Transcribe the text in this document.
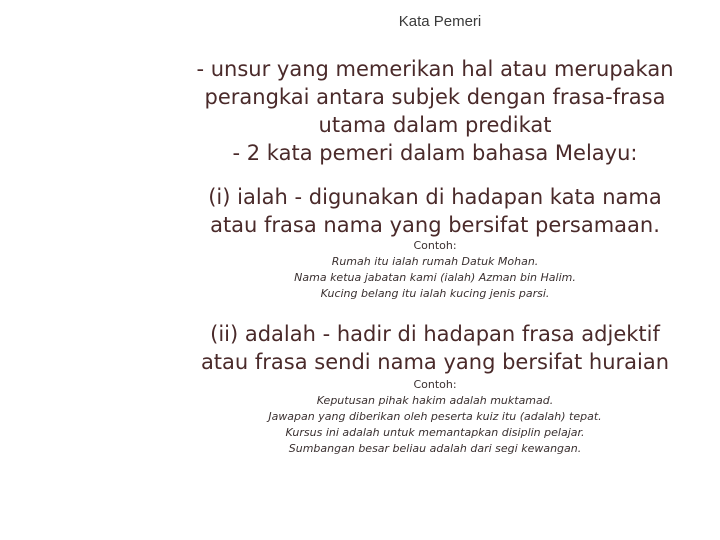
Kata Pemeri

- unsur yang memerikan hal atau merupakan

perangkai antara subjek dengan frasa-frasa

utama dalam predikat

- 2 kata pemeri dalam bahasa Melayu:

(i) ialah - digunakan di hadapan kata nama

atau frasa nama yang bersifat persamaan.

Contoh:

Rumah itu ialah rumah Datuk Mohan.

Nama ketua jabatan kami (ialah) Azman bin Halim.

Kucing belang itu ialah kucing jenis parsi.

(ii) adalah - hadir di hadapan frasa adjektif

atau frasa sendi nama yang bersifat huraian

Contoh:

Keputusan pihak hakim adalah muktamad.

Jawapan yang diberikan oleh peserta kuiz itu (adalah) tepat.

Kursus ini adalah untuk memantapkan disiplin pelajar.

Sumbangan besar beliau adalah dari segi kewangan.
